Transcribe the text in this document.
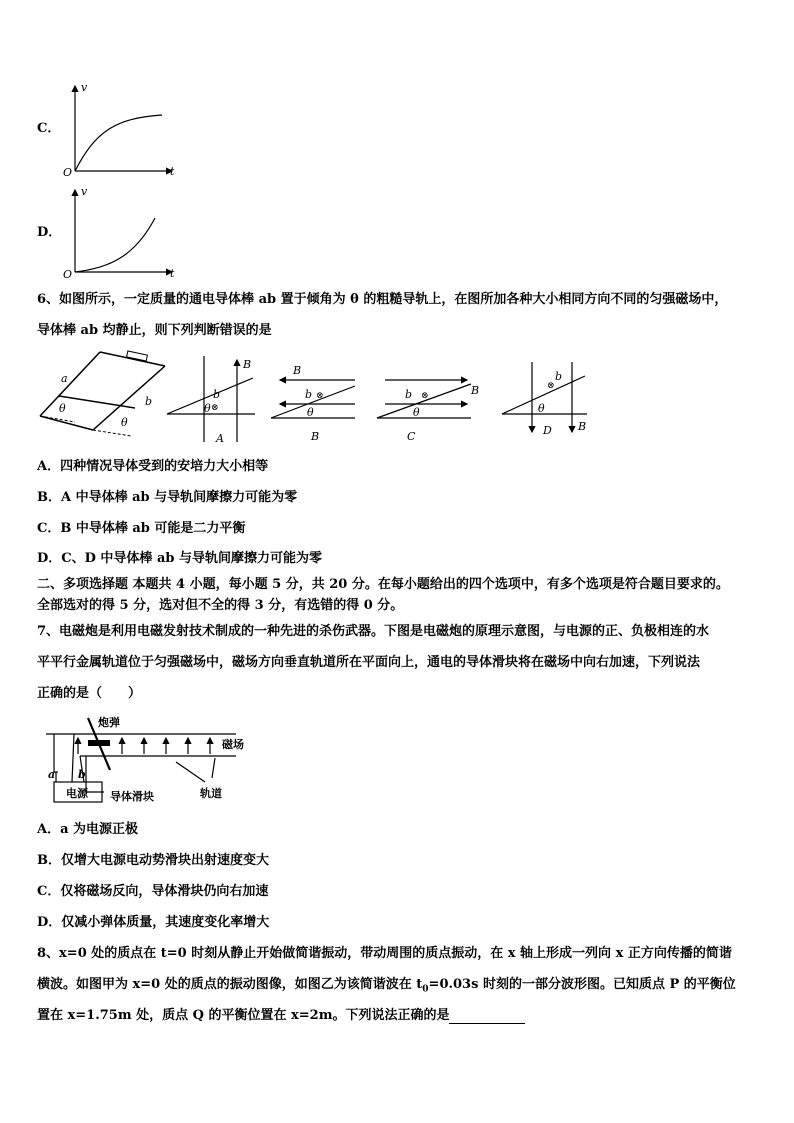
C．
v
t
O
D．
v
t
O
6、如图所示，一定质量的通电导体棒 ab 置于倾角为 θ 的粗糙导轨上，在图所加各种大小相同方向不同的匀强磁场中，
导体棒 ab 均静止，则下列判断错误的是
a
b
θ
θ
b
⊗
B
θ
A
B
b ⊗
θ
B
B
b ⊗
θ
C
b
⊗
θ
D B
A．四种情况导体受到的安培力大小相等
B．A 中导体棒 ab 与导轨间摩擦力可能为零
C．B 中导体棒 ab 可能是二力平衡
D．C、D 中导体棒 ab 与导轨间摩擦力可能为零
二、多项选择题 本题共 4 小题，每小题 5 分，共 20 分。在每小题给出的四个选项中，有多个选项是符合题目要求的。
全部选对的得 5 分，选对但不全的得 3 分，有选错的得 0 分。
7、电磁炮是利用电磁发射技术制成的一种先进的杀伤武器。下图是电磁炮的原理示意图，与电源的正、负极相连的水
平平行金属轨道位于匀强磁场中，磁场方向垂直轨道所在平面向上，通电的导体滑块将在磁场中向右加速，下列说法
正确的是（　　）
炮弹
磁场
a b
电源 导体滑块	轨道
A．a 为电源正极
B．仅增大电源电动势滑块出射速度变大
C．仅将磁场反向，导体滑块仍向右加速
D．仅减小弹体质量，其速度变化率增大
8、x=0 处的质点在 t=0 时刻从静止开始做简谐振动，带动周围的质点振动，在 x 轴上形成一列向 x 正方向传播的简谐
横波。如图甲为 x=0 处的质点的振动图像，如图乙为该简谐波在 $t_0=0.03s$ 时刻的一部分波形图。已知质点 P 的平衡位
置在 x=1.75m 处，质点 Q 的平衡位置在 x=2m。下列说法正确的是
